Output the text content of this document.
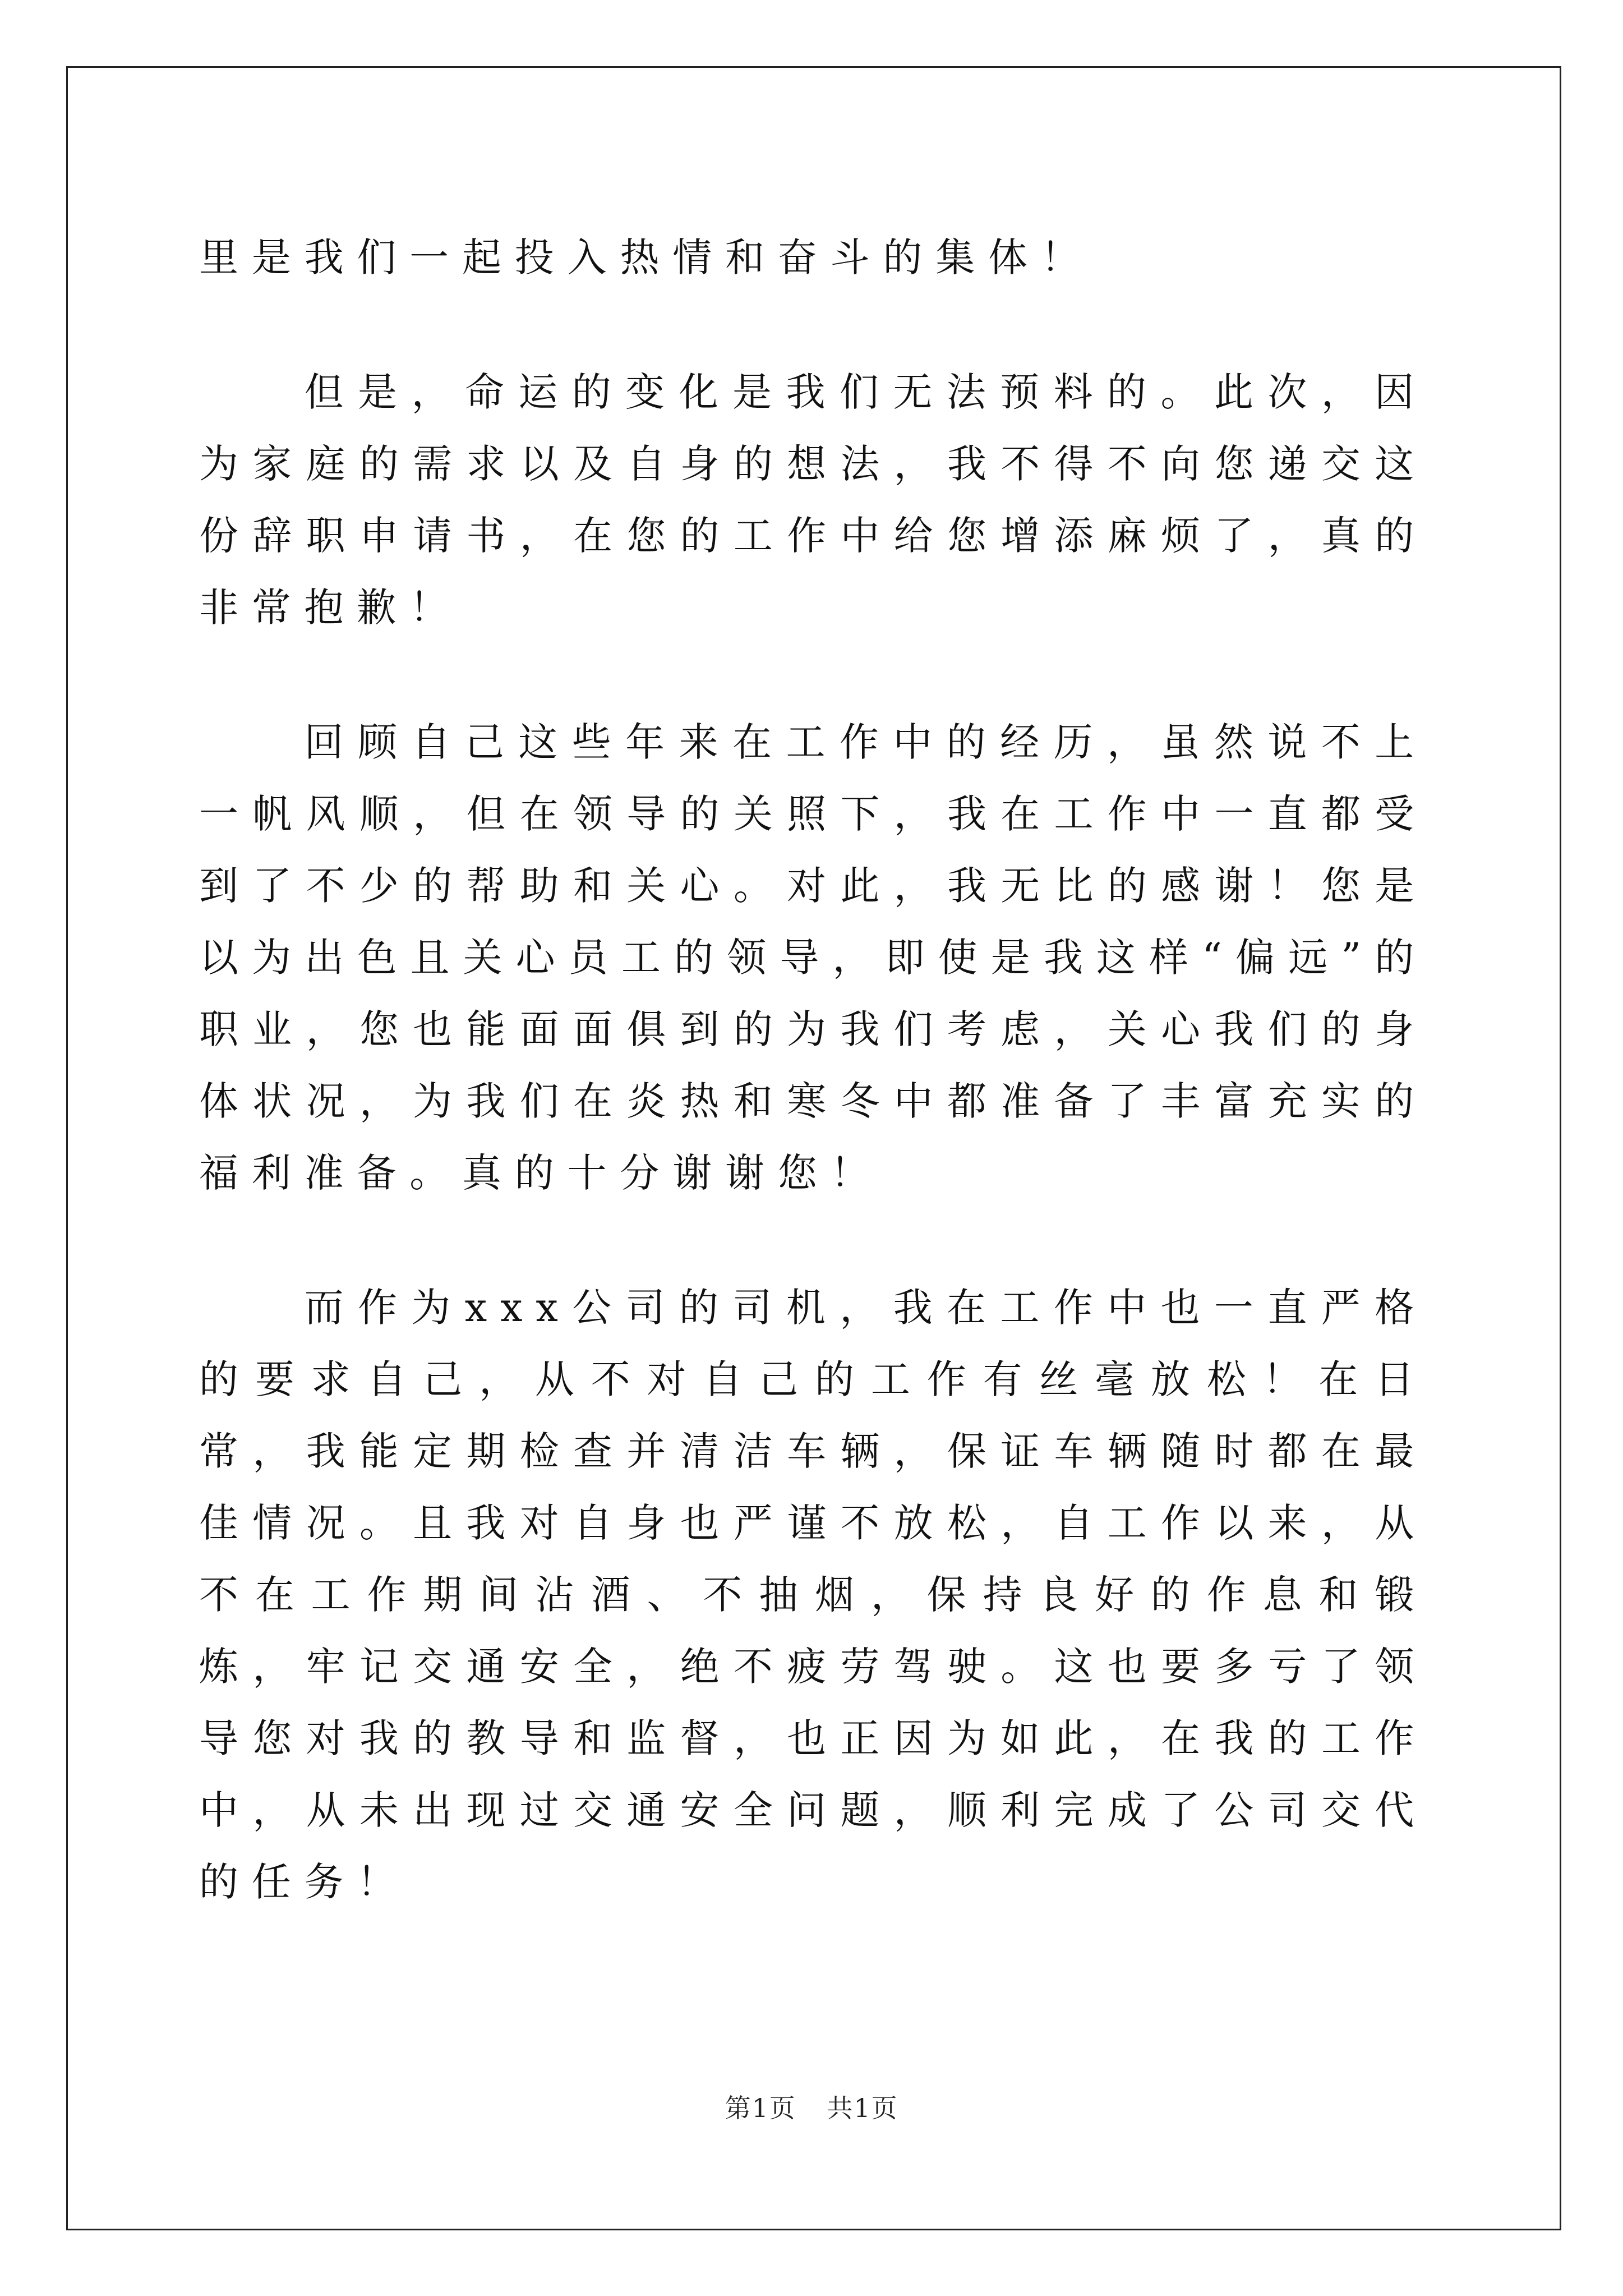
里是我们一起投入热情和奋斗的集体！

但是，命运的变化是我们无法预料的。此次，因为家庭的需求以及自身的想法，我不得不向您递交这份辞职申请书，在您的工作中给您增添麻烦了，真的非常抱歉！

回顾自己这些年来在工作中的经历，虽然说不上一帆风顺，但在领导的关照下，我在工作中一直都受到了不少的帮助和关心。对此，我无比的感谢！您是以为出色且关心员工的领导，即使是我这样“偏远”的职业，您也能面面俱到的为我们考虑，关心我们的身体状况，为我们在炎热和寒冬中都准备了丰富充实的福利准备。真的十分谢谢您！

而作为xxx公司的司机，我在工作中也一直严格的要求自己，从不对自己的工作有丝毫放松！在日常，我能定期检查并清洁车辆，保证车辆随时都在最佳情况。且我对自身也严谨不放松，自工作以来，从不在工作期间沾酒、不抽烟，保持良好的作息和锻炼，牢记交通安全，绝不疲劳驾驶。这也要多亏了领导您对我的教导和监督，也正因为如此，在我的工作中，从未出现过交通安全问题，顺利完成了公司交代的任务！

第1页 共1页
